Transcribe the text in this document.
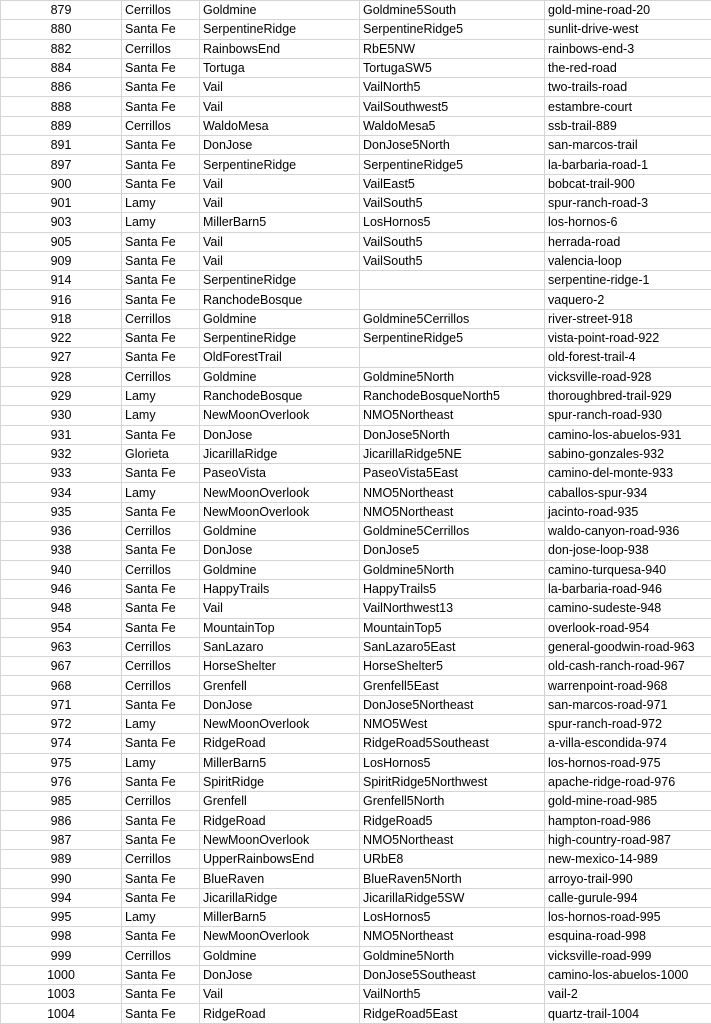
879	Cerrillos	Goldmine	Goldmine5South	gold-mine-road-20
880	Santa Fe	SerpentineRidge	SerpentineRidge5	sunlit-drive-west
882	Cerrillos	RainbowsEnd	RbE5NW	rainbows-end-3
884	Santa Fe	Tortuga	TortugaSW5	the-red-road
886	Santa Fe	Vail	VailNorth5	two-trails-road
888	Santa Fe	Vail	VailSouthwest5	estambre-court
889	Cerrillos	WaldoMesa	WaldoMesa5	ssb-trail-889
891	Santa Fe	DonJose	DonJose5North	san-marcos-trail
897	Santa Fe	SerpentineRidge	SerpentineRidge5	la-barbaria-road-1
900	Santa Fe	Vail	VailEast5	bobcat-trail-900
901	Lamy	Vail	VailSouth5	spur-ranch-road-3
903	Lamy	MillerBarn5	LosHornos5	los-hornos-6
905	Santa Fe	Vail	VailSouth5	herrada-road
909	Santa Fe	Vail	VailSouth5	valencia-loop
914	Santa Fe	SerpentineRidge		serpentine-ridge-1
916	Santa Fe	RanchodeBosque		vaquero-2
918	Cerrillos	Goldmine	Goldmine5Cerrillos	river-street-918
922	Santa Fe	SerpentineRidge	SerpentineRidge5	vista-point-road-922
927	Santa Fe	OldForestTrail		old-forest-trail-4
928	Cerrillos	Goldmine	Goldmine5North	vicksville-road-928
929	Lamy	RanchodeBosque	RanchodeBosqueNorth5	thoroughbred-trail-929
930	Lamy	NewMoonOverlook	NMO5Northeast	spur-ranch-road-930
931	Santa Fe	DonJose	DonJose5North	camino-los-abuelos-931
932	Glorieta	JicarillaRidge	JicarillaRidge5NE	sabino-gonzales-932
933	Santa Fe	PaseoVista	PaseoVista5East	camino-del-monte-933
934	Lamy	NewMoonOverlook	NMO5Northeast	caballos-spur-934
935	Santa Fe	NewMoonOverlook	NMO5Northeast	jacinto-road-935
936	Cerrillos	Goldmine	Goldmine5Cerrillos	waldo-canyon-road-936
938	Santa Fe	DonJose	DonJose5	don-jose-loop-938
940	Cerrillos	Goldmine	Goldmine5North	camino-turquesa-940
946	Santa Fe	HappyTrails	HappyTrails5	la-barbaria-road-946
948	Santa Fe	Vail	VailNorthwest13	camino-sudeste-948
954	Santa Fe	MountainTop	MountainTop5	overlook-road-954
963	Cerrillos	SanLazaro	SanLazaro5East	general-goodwin-road-963
967	Cerrillos	HorseShelter	HorseShelter5	old-cash-ranch-road-967
968	Cerrillos	Grenfell	Grenfell5East	warrenpoint-road-968
971	Santa Fe	DonJose	DonJose5Northeast	san-marcos-road-971
972	Lamy	NewMoonOverlook	NMO5West	spur-ranch-road-972
974	Santa Fe	RidgeRoad	RidgeRoad5Southeast	a-villa-escondida-974
975	Lamy	MillerBarn5	LosHornos5	los-hornos-road-975
976	Santa Fe	SpiritRidge	SpiritRidge5Northwest	apache-ridge-road-976
985	Cerrillos	Grenfell	Grenfell5North	gold-mine-road-985
986	Santa Fe	RidgeRoad	RidgeRoad5	hampton-road-986
987	Santa Fe	NewMoonOverlook	NMO5Northeast	high-country-road-987
989	Cerrillos	UpperRainbowsEnd	URbE8	new-mexico-14-989
990	Santa Fe	BlueRaven	BlueRaven5North	arroyo-trail-990
994	Santa Fe	JicarillaRidge	JicarillaRidge5SW	calle-gurule-994
995	Lamy	MillerBarn5	LosHornos5	los-hornos-road-995
998	Santa Fe	NewMoonOverlook	NMO5Northeast	esquina-road-998
999	Cerrillos	Goldmine	Goldmine5North	vicksville-road-999
1000	Santa Fe	DonJose	DonJose5Southeast	camino-los-abuelos-1000
1003	Santa Fe	Vail	VailNorth5	vail-2
1004	Santa Fe	RidgeRoad	RidgeRoad5East	quartz-trail-1004
